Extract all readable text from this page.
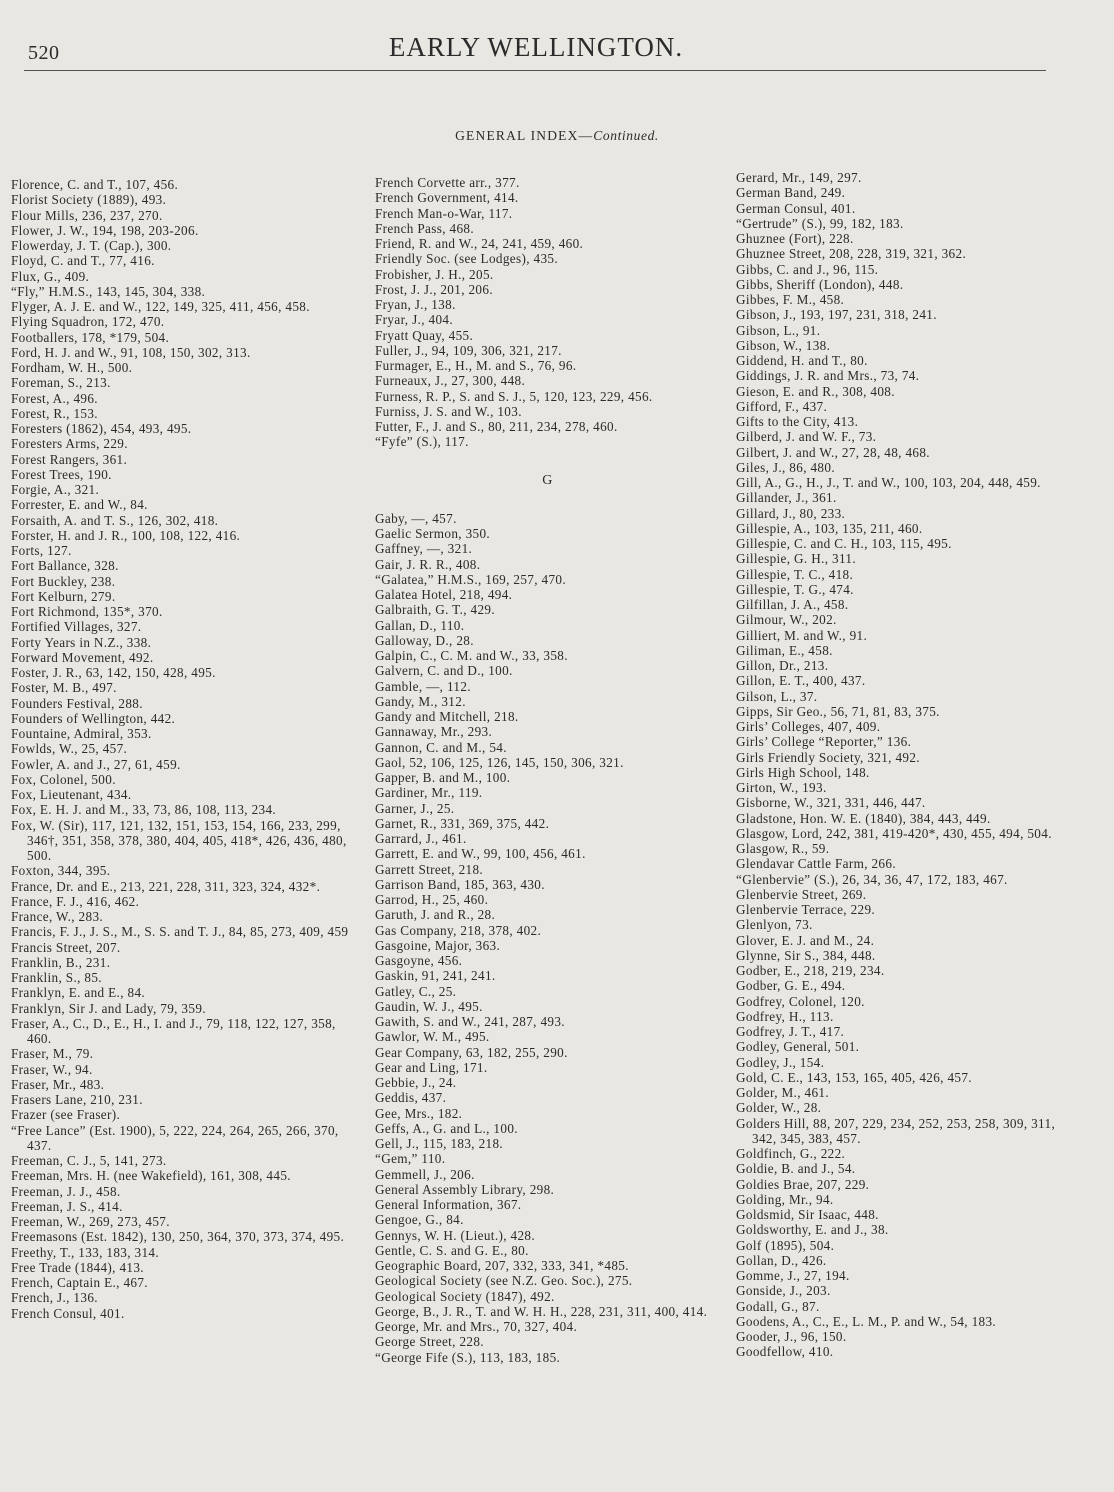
520	EARLY WELLINGTON.
GENERAL INDEX—Continued.
Florence, C. and T., 107, 456.
Florist Society (1889), 493.
Flour Mills, 236, 237, 270.
Flower, J. W., 194, 198, 203-206.
Flowerday, J. T. (Cap.), 300.
Floyd, C. and T., 77, 416.
Flux, G., 409.
“Fly,” H.M.S., 143, 145, 304, 338.
Flyger, A. J. E. and W., 122, 149, 325, 411, 456, 458.
Flying Squadron, 172, 470.
Footballers, 178, *179, 504.
Ford, H. J. and W., 91, 108, 150, 302, 313.
Fordham, W. H., 500.
Foreman, S., 213.
Forest, A., 496.
Forest, R., 153.
Foresters (1862), 454, 493, 495.
Foresters Arms, 229.
Forest Rangers, 361.
Forest Trees, 190.
Forgie, A., 321.
Forrester, E. and W., 84.
Forsaith, A. and T. S., 126, 302, 418.
Forster, H. and J. R., 100, 108, 122, 416.
Forts, 127.
Fort Ballance, 328.
Fort Buckley, 238.
Fort Kelburn, 279.
Fort Richmond, 135*, 370.
Fortified Villages, 327.
Forty Years in N.Z., 338.
Forward Movement, 492.
Foster, J. R., 63, 142, 150, 428, 495.
Foster, M. B., 497.
Founders Festival, 288.
Founders of Wellington, 442.
Fountaine, Admiral, 353.
Fowlds, W., 25, 457.
Fowler, A. and J., 27, 61, 459.
Fox, Colonel, 500.
Fox, Lieutenant, 434.
Fox, E. H. J. and M., 33, 73, 86, 108, 113, 234.
Fox, W. (Sir), 117, 121, 132, 151, 153, 154, 166, 233, 299, 346†, 351, 358, 378, 380, 404, 405, 418*, 426, 436, 480, 500.
Foxton, 344, 395.
France, Dr. and E., 213, 221, 228, 311, 323, 324, 432*.
France, F. J., 416, 462.
France, W., 283.
Francis, F. J., J. S., M., S. S. and T. J., 84, 85, 273, 409, 459
Francis Street, 207.
Franklin, B., 231.
Franklin, S., 85.
Franklyn, E. and E., 84.
Franklyn, Sir J. and Lady, 79, 359.
Fraser, A., C., D., E., H., I. and J., 79, 118, 122, 127, 358, 460.
Fraser, M., 79.
Fraser, W., 94.
Fraser, Mr., 483.
Frasers Lane, 210, 231.
Frazer (see Fraser).
“Free Lance” (Est. 1900), 5, 222, 224, 264, 265, 266, 370, 437.
Freeman, C. J., 5, 141, 273.
Freeman, Mrs. H. (nee Wakefield), 161, 308, 445.
Freeman, J. J., 458.
Freeman, J. S., 414.
Freeman, W., 269, 273, 457.
Freemasons (Est. 1842), 130, 250, 364, 370, 373, 374, 495.
Freethy, T., 133, 183, 314.
Free Trade (1844), 413.
French, Captain E., 467.
French, J., 136.
French Consul, 401.
French Corvette arr., 377.
French Government, 414.
French Man-o-War, 117.
French Pass, 468.
Friend, R. and W., 24, 241, 459, 460.
Friendly Soc. (see Lodges), 435.
Frobisher, J. H., 205.
Frost, J. J., 201, 206.
Fryan, J., 138.
Fryar, J., 404.
Fryatt Quay, 455.
Fuller, J., 94, 109, 306, 321, 217.
Furmager, E., H., M. and S., 76, 96.
Furneaux, J., 27, 300, 448.
Furness, R. P., S. and S. J., 5, 120, 123, 229, 456.
Furniss, J. S. and W., 103.
Futter, F., J. and S., 80, 211, 234, 278, 460.
“Fyfe” (S.), 117.
G
Gaby, —, 457.
Gaelic Sermon, 350.
Gaffney, —, 321.
Gair, J. R. R., 408.
“Galatea,” H.M.S., 169, 257, 470.
Galatea Hotel, 218, 494.
Galbraith, G. T., 429.
Gallan, D., 110.
Galloway, D., 28.
Galpin, C., C. M. and W., 33, 358.
Galvern, C. and D., 100.
Gamble, —, 112.
Gandy, M., 312.
Gandy and Mitchell, 218.
Gannaway, Mr., 293.
Gannon, C. and M., 54.
Gaol, 52, 106, 125, 126, 145, 150, 306, 321.
Gapper, B. and M., 100.
Gardiner, Mr., 119.
Garner, J., 25.
Garnet, R., 331, 369, 375, 442.
Garrard, J., 461.
Garrett, E. and W., 99, 100, 456, 461.
Garrett Street, 218.
Garrison Band, 185, 363, 430.
Garrod, H., 25, 460.
Garuth, J. and R., 28.
Gas Company, 218, 378, 402.
Gasgoine, Major, 363.
Gasgoyne, 456.
Gaskin, 91, 241, 241.
Gatley, C., 25.
Gaudin, W. J., 495.
Gawith, S. and W., 241, 287, 493.
Gawlor, W. M., 495.
Gear Company, 63, 182, 255, 290.
Gear and Ling, 171.
Gebbie, J., 24.
Geddis, 437.
Gee, Mrs., 182.
Geffs, A., G. and L., 100.
Gell, J., 115, 183, 218.
“Gem,” 110.
Gemmell, J., 206.
General Assembly Library, 298.
General Information, 367.
Gengoe, G., 84.
Gennys, W. H. (Lieut.), 428.
Gentle, C. S. and G. E., 80.
Geographic Board, 207, 332, 333, 341, *485.
Geological Society (see N.Z. Geo. Soc.), 275.
Geological Society (1847), 492.
George, B., J. R., T. and W. H. H., 228, 231, 311, 400, 414.
George, Mr. and Mrs., 70, 327, 404.
George Street, 228.
“George Fife (S.), 113, 183, 185.
Gerard, Mr., 149, 297.
German Band, 249.
German Consul, 401.
“Gertrude” (S.), 99, 182, 183.
Ghuznee (Fort), 228.
Ghuznee Street, 208, 228, 319, 321, 362.
Gibbs, C. and J., 96, 115.
Gibbs, Sheriff (London), 448.
Gibbes, F. M., 458.
Gibson, J., 193, 197, 231, 318, 241.
Gibson, L., 91.
Gibson, W., 138.
Giddend, H. and T., 80.
Giddings, J. R. and Mrs., 73, 74.
Gieson, E. and R., 308, 408.
Gifford, F., 437.
Gifts to the City, 413.
Gilberd, J. and W. F., 73.
Gilbert, J. and W., 27, 28, 48, 468.
Giles, J., 86, 480.
Gill, A., G., H., J., T. and W., 100, 103, 204, 448, 459.
Gillander, J., 361.
Gillard, J., 80, 233.
Gillespie, A., 103, 135, 211, 460.
Gillespie, C. and C. H., 103, 115, 495.
Gillespie, G. H., 311.
Gillespie, T. C., 418.
Gillespie, T. G., 474.
Gilfillan, J. A., 458.
Gilmour, W., 202.
Gilliert, M. and W., 91.
Giliman, E., 458.
Gillon, Dr., 213.
Gillon, E. T., 400, 437.
Gilson, L., 37.
Gipps, Sir Geo., 56, 71, 81, 83, 375.
Girls’ Colleges, 407, 409.
Girls’ College “Reporter,” 136.
Girls Friendly Society, 321, 492.
Girls High School, 148.
Girton, W., 193.
Gisborne, W., 321, 331, 446, 447.
Gladstone, Hon. W. E. (1840), 384, 443, 449.
Glasgow, Lord, 242, 381, 419-420*, 430, 455, 494, 504.
Glasgow, R., 59.
Glendavar Cattle Farm, 266.
“Glenbervie” (S.), 26, 34, 36, 47, 172, 183, 467.
Glenbervie Street, 269.
Glenbervie Terrace, 229.
Glenlyon, 73.
Glover, E. J. and M., 24.
Glynne, Sir S., 384, 448.
Godber, E., 218, 219, 234.
Godber, G. E., 494.
Godfrey, Colonel, 120.
Godfrey, H., 113.
Godfrey, J. T., 417.
Godley, General, 501.
Godley, J., 154.
Gold, C. E., 143, 153, 165, 405, 426, 457.
Golder, M., 461.
Golder, W., 28.
Golders Hill, 88, 207, 229, 234, 252, 253, 258, 309, 311, 342, 345, 383, 457.
Goldfinch, G., 222.
Goldie, B. and J., 54.
Goldies Brae, 207, 229.
Golding, Mr., 94.
Goldsmid, Sir Isaac, 448.
Goldsworthy, E. and J., 38.
Golf (1895), 504.
Gollan, D., 426.
Gomme, J., 27, 194.
Gonside, J., 203.
Godall, G., 87.
Goodens, A., C., E., L. M., P. and W., 54, 183.
Gooder, J., 96, 150.
Goodfellow, 410.
